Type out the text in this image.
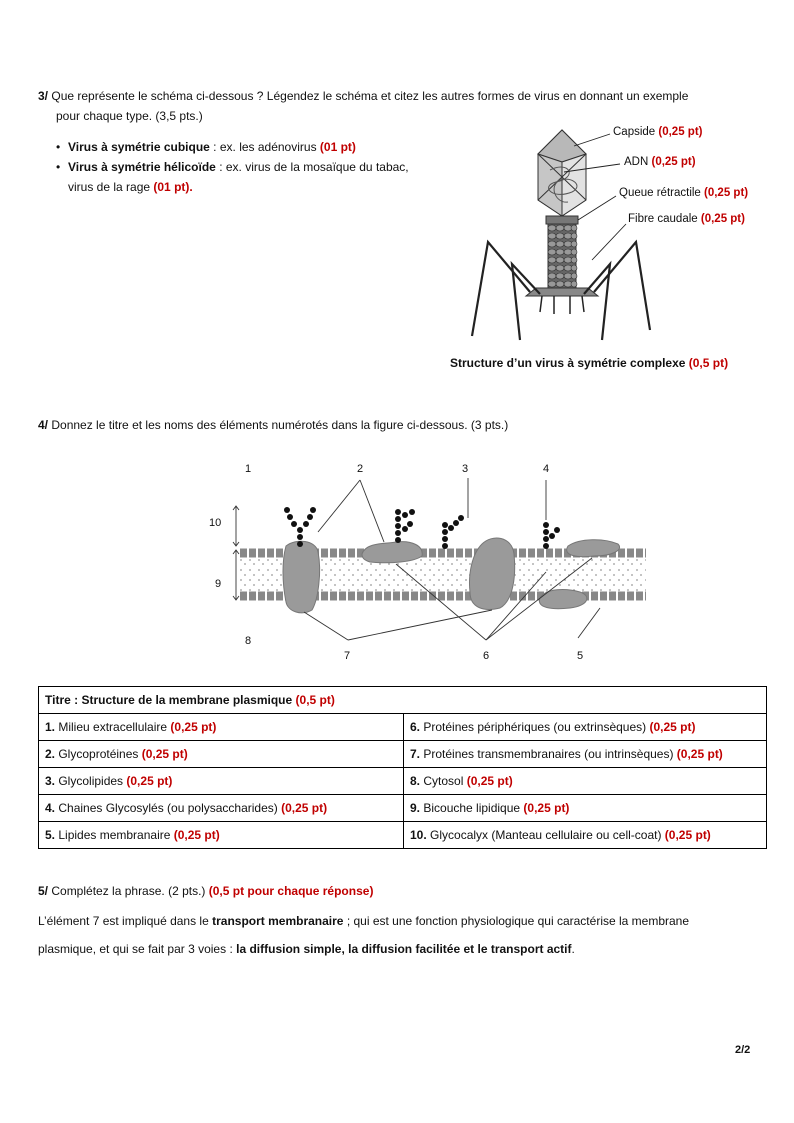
3/ Que représente le schéma ci-dessous ? Légendez le schéma et citez les autres formes de virus en donnant un exemple
pour chaque type. (3,5 pts.)
• Virus à symétrie cubique : ex. les adénovirus (01 pt)
• Virus à symétrie hélicoïde : ex. virus de la mosaïque du tabac,
virus de la rage (01 pt).
Capside (0,25 pt)
ADN (0,25 pt)
Queue rétractile (0,25 pt)
Fibre caudale (0,25 pt)
Structure d’un virus à symétrie complexe (0,5 pt)
4/ Donnez le titre et les noms des éléments numérotés dans la figure ci-dessous. (3 pts.)
1	2	3	4
5
6
7
8
9
10
Titre : Structure de la membrane plasmique (0,5 pt)	
1. Milieu extracellulaire (0,25 pt)	6. Protéines périphériques (ou extrinsèques) (0,25 pt)
2. Glycoprotéines (0,25 pt)	7. Protéines transmembranaires (ou intrinsèques) (0,25 pt)
3. Glycolipides (0,25 pt)	8. Cytosol (0,25 pt)
4. Chaines Glycosylés (ou polysaccharides) (0,25 pt)	9. Bicouche lipidique (0,25 pt)
5. Lipides membranaire (0,25 pt)	10. Glycocalyx (Manteau cellulaire ou cell-coat) (0,25 pt)
5/ Complétez la phrase. (2 pts.) (0,5 pt pour chaque réponse)
L’élément 7 est impliqué dans le transport membranaire ; qui est une fonction physiologique qui caractérise la membrane
plasmique, et qui se fait par 3 voies : la diffusion simple, la diffusion facilitée et le transport actif.
2/2
